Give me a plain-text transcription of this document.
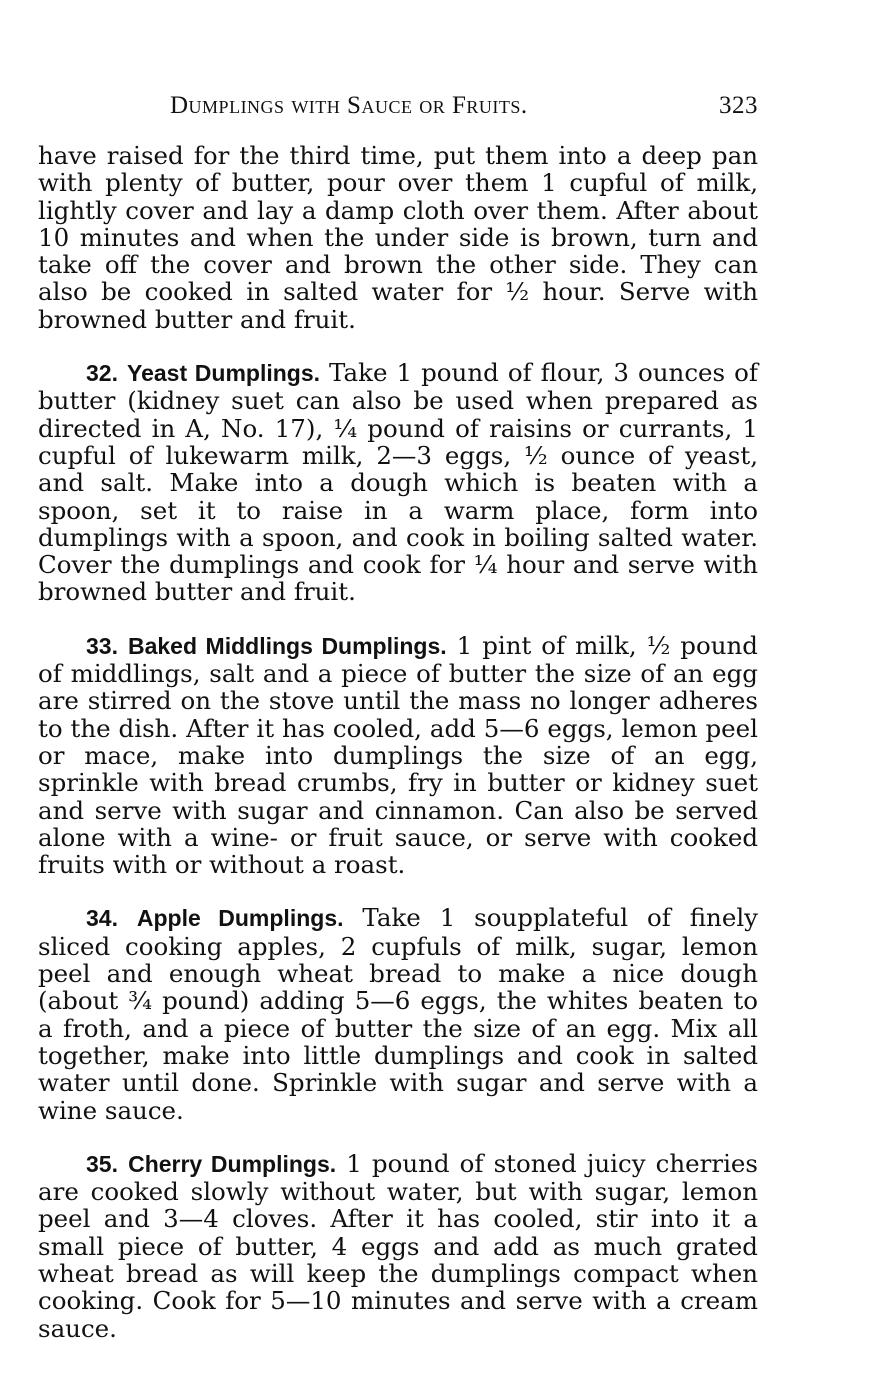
Dumplings with Sauce or Fruits.	323

have raised for the third time, put them into a deep pan with plenty of butter, pour over them 1 cupful of milk, lightly cover and lay a damp cloth over them. After about 10 minutes and when the under side is brown, turn and take off the cover and brown the other side. They can also be cooked in salted water for ½ hour. Serve with browned butter and fruit.

32. Yeast Dumplings. Take 1 pound of flour, 3 ounces of butter (kidney suet can also be used when prepared as directed in A, No. 17), ¼ pound of raisins or currants, 1 cupful of lukewarm milk, 2—3 eggs, ½ ounce of yeast, and salt. Make into a dough which is beaten with a spoon, set it to raise in a warm place, form into dumplings with a spoon, and cook in boiling salted water. Cover the dumplings and cook for ¼ hour and serve with browned butter and fruit.

33. Baked Middlings Dumplings. 1 pint of milk, ½ pound of middlings, salt and a piece of butter the size of an egg are stirred on the stove until the mass no longer adheres to the dish. After it has cooled, add 5—6 eggs, lemon peel or mace, make into dumplings the size of an egg, sprinkle with bread crumbs, fry in butter or kidney suet and serve with sugar and cinnamon. Can also be served alone with a wine- or fruit sauce, or serve with cooked fruits with or without a roast.

34. Apple Dumplings. Take 1 soupplateful of finely sliced cooking apples, 2 cupfuls of milk, sugar, lemon peel and enough wheat bread to make a nice dough (about ¾ pound) adding 5—6 eggs, the whites beaten to a froth, and a piece of butter the size of an egg. Mix all together, make into little dumplings and cook in salted water until done. Sprinkle with sugar and serve with a wine sauce.

35. Cherry Dumplings. 1 pound of stoned juicy cherries are cooked slowly without water, but with sugar, lemon peel and 3—4 cloves. After it has cooled, stir into it a small piece of butter, 4 eggs and add as much grated wheat bread as will keep the dumplings compact when cooking. Cook for 5—10 minutes and serve with a cream sauce.
